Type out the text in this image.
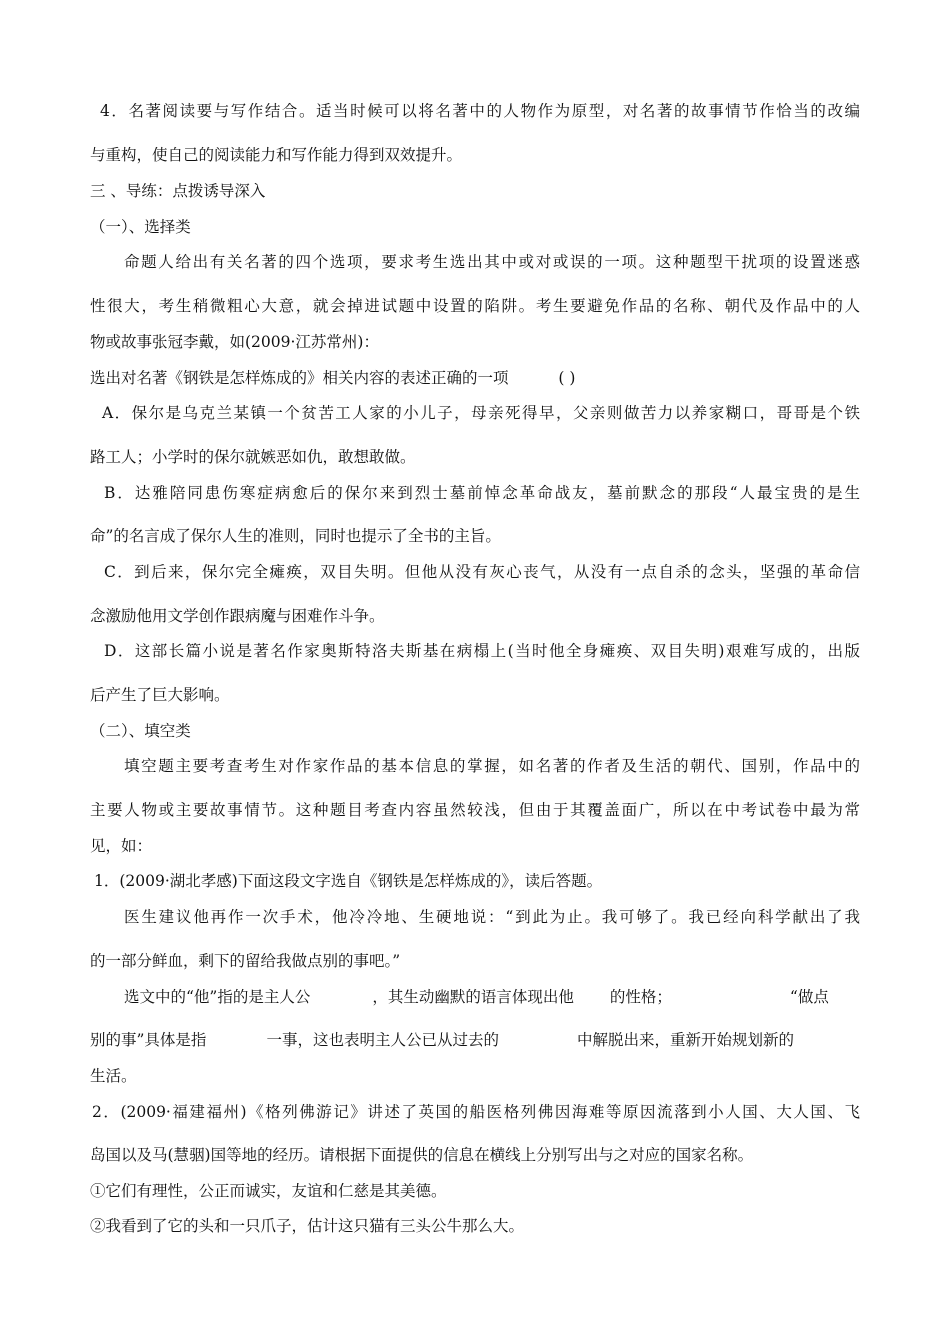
4．名著阅读要与写作结合。适当时候可以将名著中的人物作为原型，对名著的故事情节作恰当的改编
与重构，使自己的阅读能力和写作能力得到双效提升。
三 、导练：点拨诱导深入
（一）、选择类
命题人给出有关名著的四个选项，要求考生选出其中或对或误的一项。这种题型干扰项的设置迷惑
性很大，考生稍微粗心大意，就会掉进试题中设置的陷阱。考生要避免作品的名称、朝代及作品中的人
物或故事张冠李戴，如(2009·江苏常州)：
选出对名著《钢铁是怎样炼成的》相关内容的表述正确的一项	( )
A．保尔是乌克兰某镇一个贫苦工人家的小儿子，母亲死得早，父亲则做苦力以养家糊口，哥哥是个铁
路工人；小学时的保尔就嫉恶如仇，敢想敢做。
B．达雅陪同患伤寒症病愈后的保尔来到烈士墓前悼念革命战友，墓前默念的那段“人最宝贵的是生
命”的名言成了保尔人生的准则，同时也提示了全书的主旨。
C．到后来，保尔完全瘫痪，双目失明。但他从没有灰心丧气，从没有一点自杀的念头，坚强的革命信
念激励他用文学创作跟病魔与困难作斗争。
D．这部长篇小说是著名作家奥斯特洛夫斯基在病榻上(当时他全身瘫痪、双目失明)艰难写成的，出版
后产生了巨大影响。
（二）、填空类
填空题主要考查考生对作家作品的基本信息的掌握，如名著的作者及生活的朝代、国别，作品中的
主要人物或主要故事情节。这种题目考查内容虽然较浅，但由于其覆盖面广，所以在中考试卷中最为常
见，如：
1．(2009·湖北孝感)下面这段文字选自《钢铁是怎样炼成的》，读后答题。
医生建议他再作一次手术，他冷冷地、生硬地说：“到此为止。我可够了。我已经向科学献出了我
的一部分鲜血，剩下的留给我做点别的事吧。”
选文中的“他”指的是主人公	，其生动幽默的语言体现出他 的性格；	“做点
别的事”具体是指	一事，这也表明主人公已从过去的	中解脱出来，重新开始规划新的
生活。
2．(2009·福建福州)《格列佛游记》讲述了英国的船医格列佛因海难等原因流落到小人国、大人国、飞
岛国以及马(慧骃)国等地的经历。请根据下面提供的信息在横线上分别写出与之对应的国家名称。
①它们有理性，公正而诚实，友谊和仁慈是其美德。
②我看到了它的头和一只爪子，估计这只猫有三头公牛那么大。
